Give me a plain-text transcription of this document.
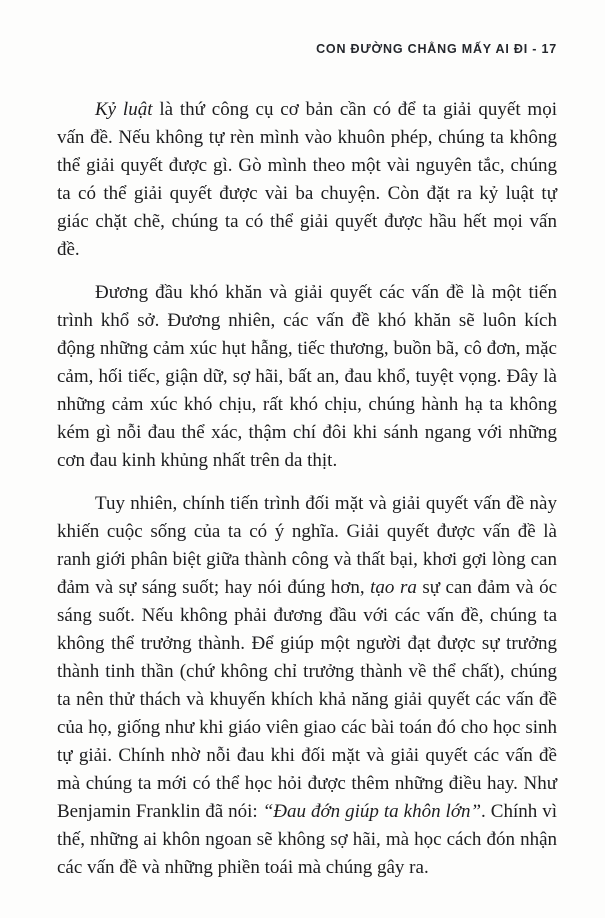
CON ĐƯỜNG CHẲNG MẤY AI ĐI - 17

Kỷ luật là thứ công cụ cơ bản cần có để ta giải quyết mọi vấn đề. Nếu không tự rèn mình vào khuôn phép, chúng ta không thể giải quyết được gì. Gò mình theo một vài nguyên tắc, chúng ta có thể giải quyết được vài ba chuyện. Còn đặt ra kỷ luật tự giác chặt chẽ, chúng ta có thể giải quyết được hầu hết mọi vấn đề.

Đương đầu khó khăn và giải quyết các vấn đề là một tiến trình khổ sở. Đương nhiên, các vấn đề khó khăn sẽ luôn kích động những cảm xúc hụt hẫng, tiếc thương, buồn bã, cô đơn, mặc cảm, hối tiếc, giận dữ, sợ hãi, bất an, đau khổ, tuyệt vọng. Đây là những cảm xúc khó chịu, rất khó chịu, chúng hành hạ ta không kém gì nỗi đau thể xác, thậm chí đôi khi sánh ngang với những cơn đau kinh khủng nhất trên da thịt.

Tuy nhiên, chính tiến trình đối mặt và giải quyết vấn đề này khiến cuộc sống của ta có ý nghĩa. Giải quyết được vấn đề là ranh giới phân biệt giữa thành công và thất bại, khơi gợi lòng can đảm và sự sáng suốt; hay nói đúng hơn, tạo ra sự can đảm và óc sáng suốt. Nếu không phải đương đầu với các vấn đề, chúng ta không thể trưởng thành. Để giúp một người đạt được sự trưởng thành tinh thần (chứ không chỉ trưởng thành về thể chất), chúng ta nên thử thách và khuyến khích khả năng giải quyết các vấn đề của họ, giống như khi giáo viên giao các bài toán đó cho học sinh tự giải. Chính nhờ nỗi đau khi đối mặt và giải quyết các vấn đề mà chúng ta mới có thể học hỏi được thêm những điều hay. Như Benjamin Franklin đã nói: “Đau đớn giúp ta khôn lớn”. Chính vì thế, những ai khôn ngoan sẽ không sợ hãi, mà học cách đón nhận các vấn đề và những phiền toái mà chúng gây ra.
